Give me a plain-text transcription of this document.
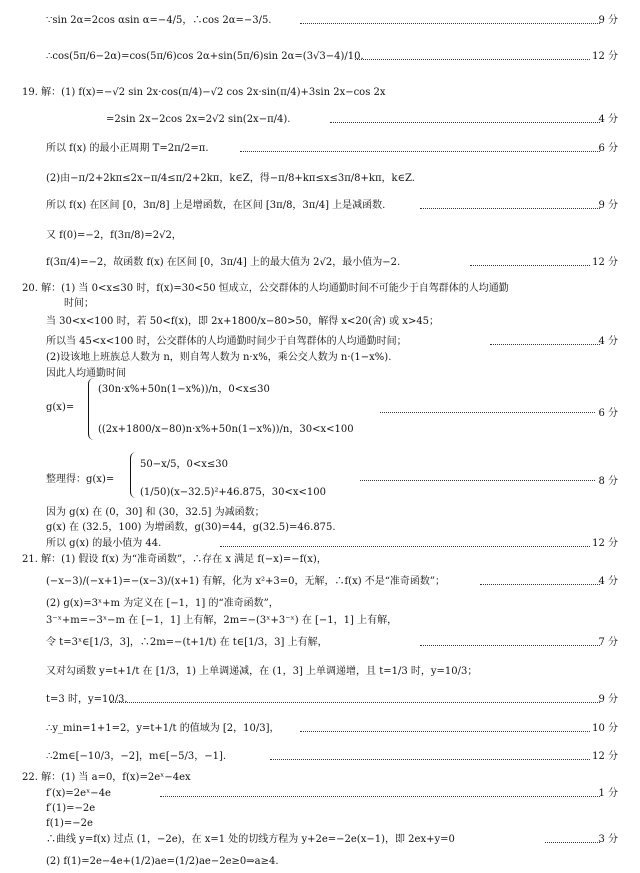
∵sin 2α=2cos αsin α=−4/5，∴cos 2α=−3/5.	9 分
∴cos(5π/6−2α)=cos(5π/6)cos 2α+sin(5π/6)sin 2α=(3√3−4)/10.	12 分
19. 解：(1) f(x)=−√2 sin 2x·cos(π/4)−√2 cos 2x·sin(π/4)+3sin 2x−cos 2x
=2sin 2x−2cos 2x=2√2 sin(2x−π/4).	4 分
所以 f(x) 的最小正周期 T=2π/2=π.	6 分
(2)由−π/2+2kπ≤2x−π/4≤π/2+2kπ，k∈Z，得−π/8+kπ≤x≤3π/8+kπ，k∈Z.
所以 f(x) 在区间 [0，3π/8] 上是增函数，在区间 [3π/8，3π/4] 上是减函数.	9 分
又 f(0)=−2，f(3π/8)=2√2，
f(3π/4)=−2，故函数 f(x) 在区间 [0，3π/4] 上的最大值为 2√2，最小值为−2.	12 分
20. 解：(1) 当 0<x≤30 时，f(x)=30<50 恒成立，公交群体的人均通勤时间不可能少于自驾群体的人均通勤
时间；
当 30<x<100 时，若 50<f(x)，即 2x+1800/x−80>50，解得 x<20(舍) 或 x>45；
所以当 45<x<100 时，公交群体的人均通勤时间少于自驾群体的人均通勤时间；	4 分
(2)设该地上班族总人数为 n，则自驾人数为 n·x%，乘公交人数为 n·(1−x%).
因此人均通勤时间
因为 g(x) 在 (0，30] 和 (30，32.5] 为减函数；
g(x) 在 (32.5，100) 为增函数，g(30)=44，g(32.5)=46.875.
所以 g(x) 的最小值为 44.	12 分
21. 解：(1) 假设 f(x) 为“准奇函数”，∴存在 x 满足 f(−x)=−f(x)，
(−x−3)/(−x+1)=−(x−3)/(x+1) 有解，化为 x²+3=0，无解，∴f(x) 不是“准奇函数”；	4 分
(2) g(x)=3ˣ+m 为定义在 [−1，1] 的“准奇函数”，
3⁻ˣ+m=−3ˣ−m 在 [−1，1] 上有解，2m=−(3ˣ+3⁻ˣ) 在 [−1，1] 上有解，
令 t=3ˣ∈[1/3，3]，∴2m=−(t+1/t) 在 t∈[1/3，3] 上有解，	7 分
又对勾函数 y=t+1/t 在 [1/3，1) 上单调递减，在 (1，3] 上单调递增，且 t=1/3 时，y=10/3；
t=3 时，y=10/3.	9 分
∴y_min=1+1=2，y=t+1/t 的值域为 [2，10/3]，	10 分
∴2m∈[−10/3，−2]，m∈[−5/3，−1].	12 分
22. 解：(1) 当 a=0，f(x)=2eˣ−4ex
f′(x)=2eˣ−4e	1 分
f′(1)=−2e
f(1)=−2e
∴曲线 y=f(x) 过点 (1，−2e)，在 x=1 处的切线方程为 y+2e=−2e(x−1)，即 2ex+y=0	3 分
(2) f(1)=2e−4e+(1/2)ae=(1/2)ae−2e≥0⇒a≥4.
g(x)=
(30n·x%+50n(1−x%))/n，0<x≤30
((2x+1800/x−80)n·x%+50n(1−x%))/n，30<x<100
6 分
整理得：g(x)=
50−x/5，0<x≤30
(1/50)(x−32.5)²+46.875，30<x<100
8 分
